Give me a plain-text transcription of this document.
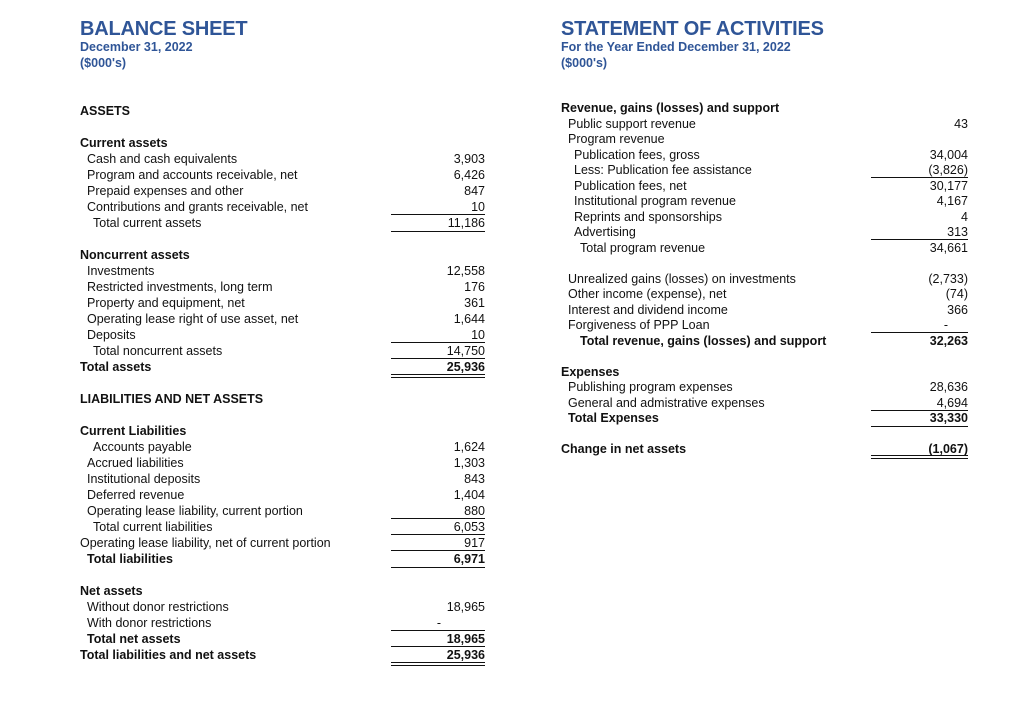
BALANCE SHEET
December 31, 2022
($000's)
ASSETS
Current assets
Cash and cash equivalents	3,903
Program and accounts receivable, net	6,426
Prepaid expenses and other	847
Contributions and grants receivable, net	10
Total current assets	11,186
Noncurrent assets
Investments	12,558
Restricted investments, long term	176
Property and equipment, net	361
Operating lease right of use asset, net	1,644
Deposits	10
Total noncurrent assets	14,750
Total assets	25,936
LIABILITIES AND NET ASSETS
Current Liabilities
Accounts payable	1,624
Accrued liabilities	1,303
Institutional deposits	843
Deferred revenue	1,404
Operating lease liability, current portion	880
Total current liabilities	6,053
Operating lease liability, net of current portion	917
Total liabilities	6,971
Net assets
Without donor restrictions	18,965
With donor restrictions	-
Total net assets	18,965
Total liabilities and net assets	25,936
STATEMENT OF ACTIVITIES
For the Year Ended December 31, 2022
($000's)
Revenue, gains (losses) and support
Public support revenue	43
Program revenue
Publication fees, gross	34,004
Less: Publication fee assistance	(3,826)
Publication fees, net	30,177
Institutional program revenue	4,167
Reprints and sponsorships	4
Advertising	313
Total program revenue	34,661
Unrealized gains (losses) on investments	(2,733)
Other income (expense), net	(74)
Interest and dividend income	366
Forgiveness of PPP Loan	-
Total revenue, gains (losses) and support	32,263
Expenses
Publishing program expenses	28,636
General and admistrative expenses	4,694
Total Expenses	33,330
Change in net assets	(1,067)
